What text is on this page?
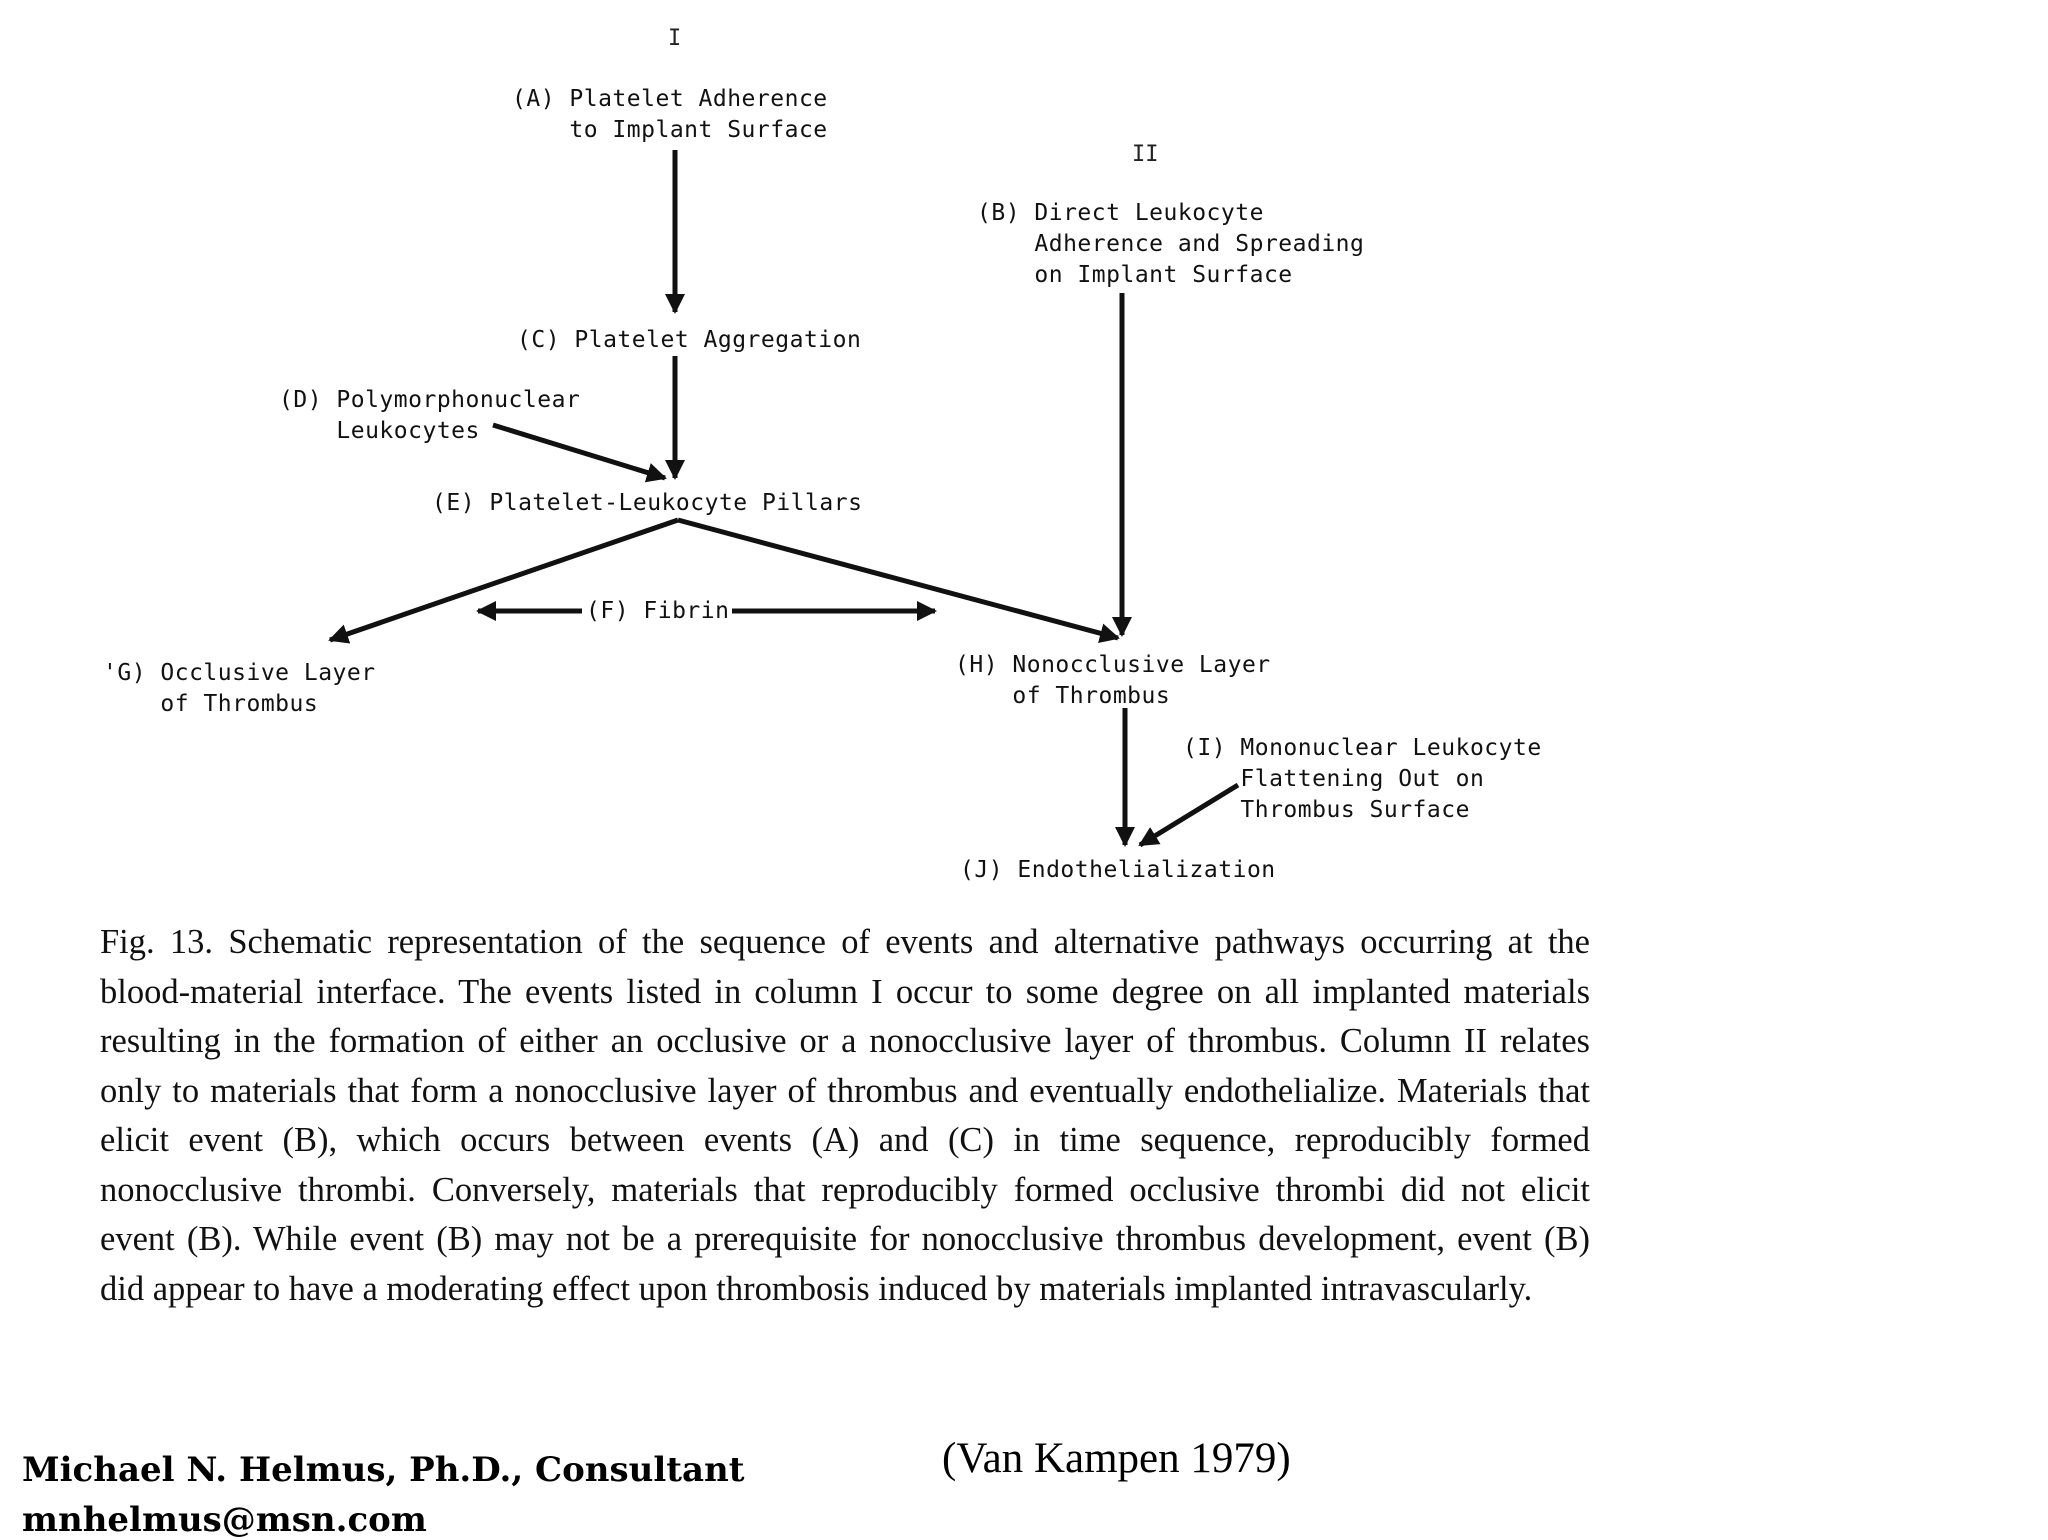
I
II
(A) Platelet Adherence
to Implant Surface
(B) Direct Leukocyte
Adherence and Spreading
on Implant Surface
(C) Platelet Aggregation
(D) Polymorphonuclear
Leukocytes
(E) Platelet-Leukocyte Pillars
(F) Fibrin
'G) Occlusive Layer
of Thrombus
(H) Nonocclusive Layer
of Thrombus
(I) Mononuclear Leukocyte
Flattening Out on
Thrombus Surface
(J) Endothelialization

Fig. 13. Schematic representation of the sequence of events and alternative pathways occurring at the blood-material interface. The events listed in column I occur to some degree on all implanted materials resulting in the formation of either an occlusive or a nonocclusive layer of thrombus. Column II relates only to materials that form a nonocclusive layer of thrombus and eventually endothelialize. Materials that elicit event (B), which occurs between events (A) and (C) in time sequence, reproducibly formed nonocclusive thrombi. Conversely, materials that reproducibly formed occlusive thrombi did not elicit event (B). While event (B) may not be a prerequisite for nonocclusive thrombus development, event (B) did appear to have a moderating effect upon thrombosis induced by materials implanted intravascularly.

(Van Kampen 1979)
Michael N. Helmus, Ph.D., Consultant
mnhelmus@msn.com
